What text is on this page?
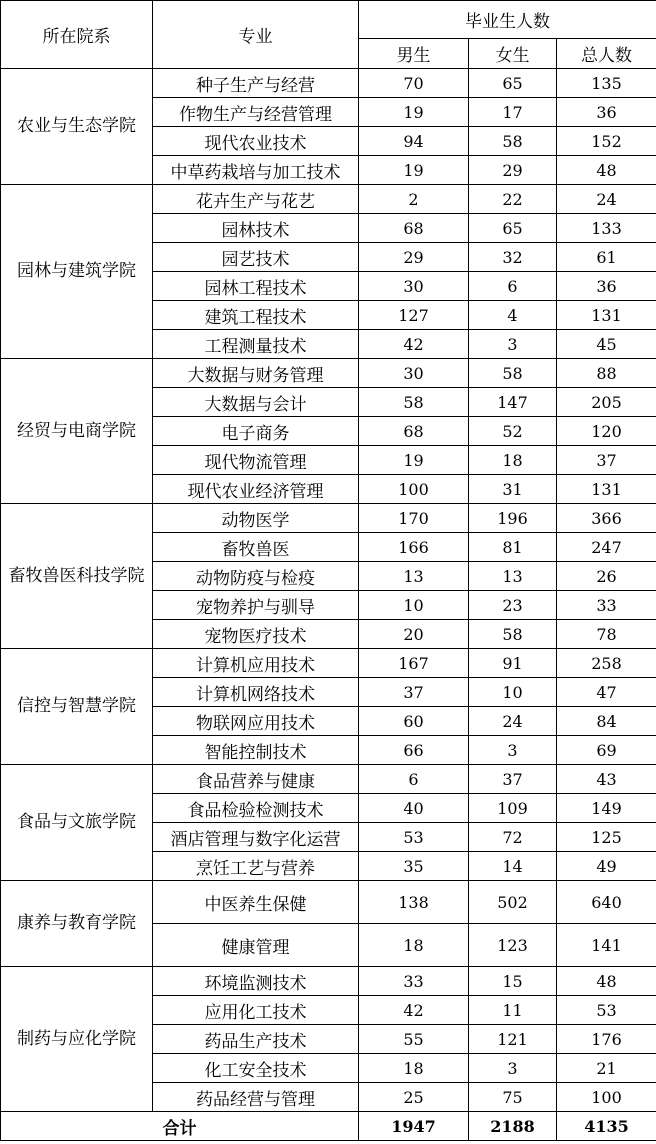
所在院系	专业	毕业生人数		
		男生	女生	总人数
农业与生态学院	种子生产与经营	70	65	135
	作物生产与经营管理	19	17	36
	现代农业技术	94	58	152
	中草药栽培与加工技术	19	29	48
园林与建筑学院	花卉生产与花艺	2	22	24
	园林技术	68	65	133
	园艺技术	29	32	61
	园林工程技术	30	6	36
	建筑工程技术	127	4	131
	工程测量技术	42	3	45
经贸与电商学院	大数据与财务管理	30	58	88
	大数据与会计	58	147	205
	电子商务	68	52	120
	现代物流管理	19	18	37
	现代农业经济管理	100	31	131
畜牧兽医科技学院	动物医学	170	196	366
	畜牧兽医	166	81	247
	动物防疫与检疫	13	13	26
	宠物养护与驯导	10	23	33
	宠物医疗技术	20	58	78
信控与智慧学院	计算机应用技术	167	91	258
	计算机网络技术	37	10	47
	物联网应用技术	60	24	84
	智能控制技术	66	3	69
食品与文旅学院	食品营养与健康	6	37	43
	食品检验检测技术	40	109	149
	酒店管理与数字化运营	53	72	125
	烹饪工艺与营养	35	14	49
康养与教育学院	中医养生保健	138	502	640
	健康管理	18	123	141
制药与应化学院	环境监测技术	33	15	48
	应用化工技术	42	11	53
	药品生产技术	55	121	176
	化工安全技术	18	3	21
	药品经营与管理	25	75	100
合计		1947	2188	4135
